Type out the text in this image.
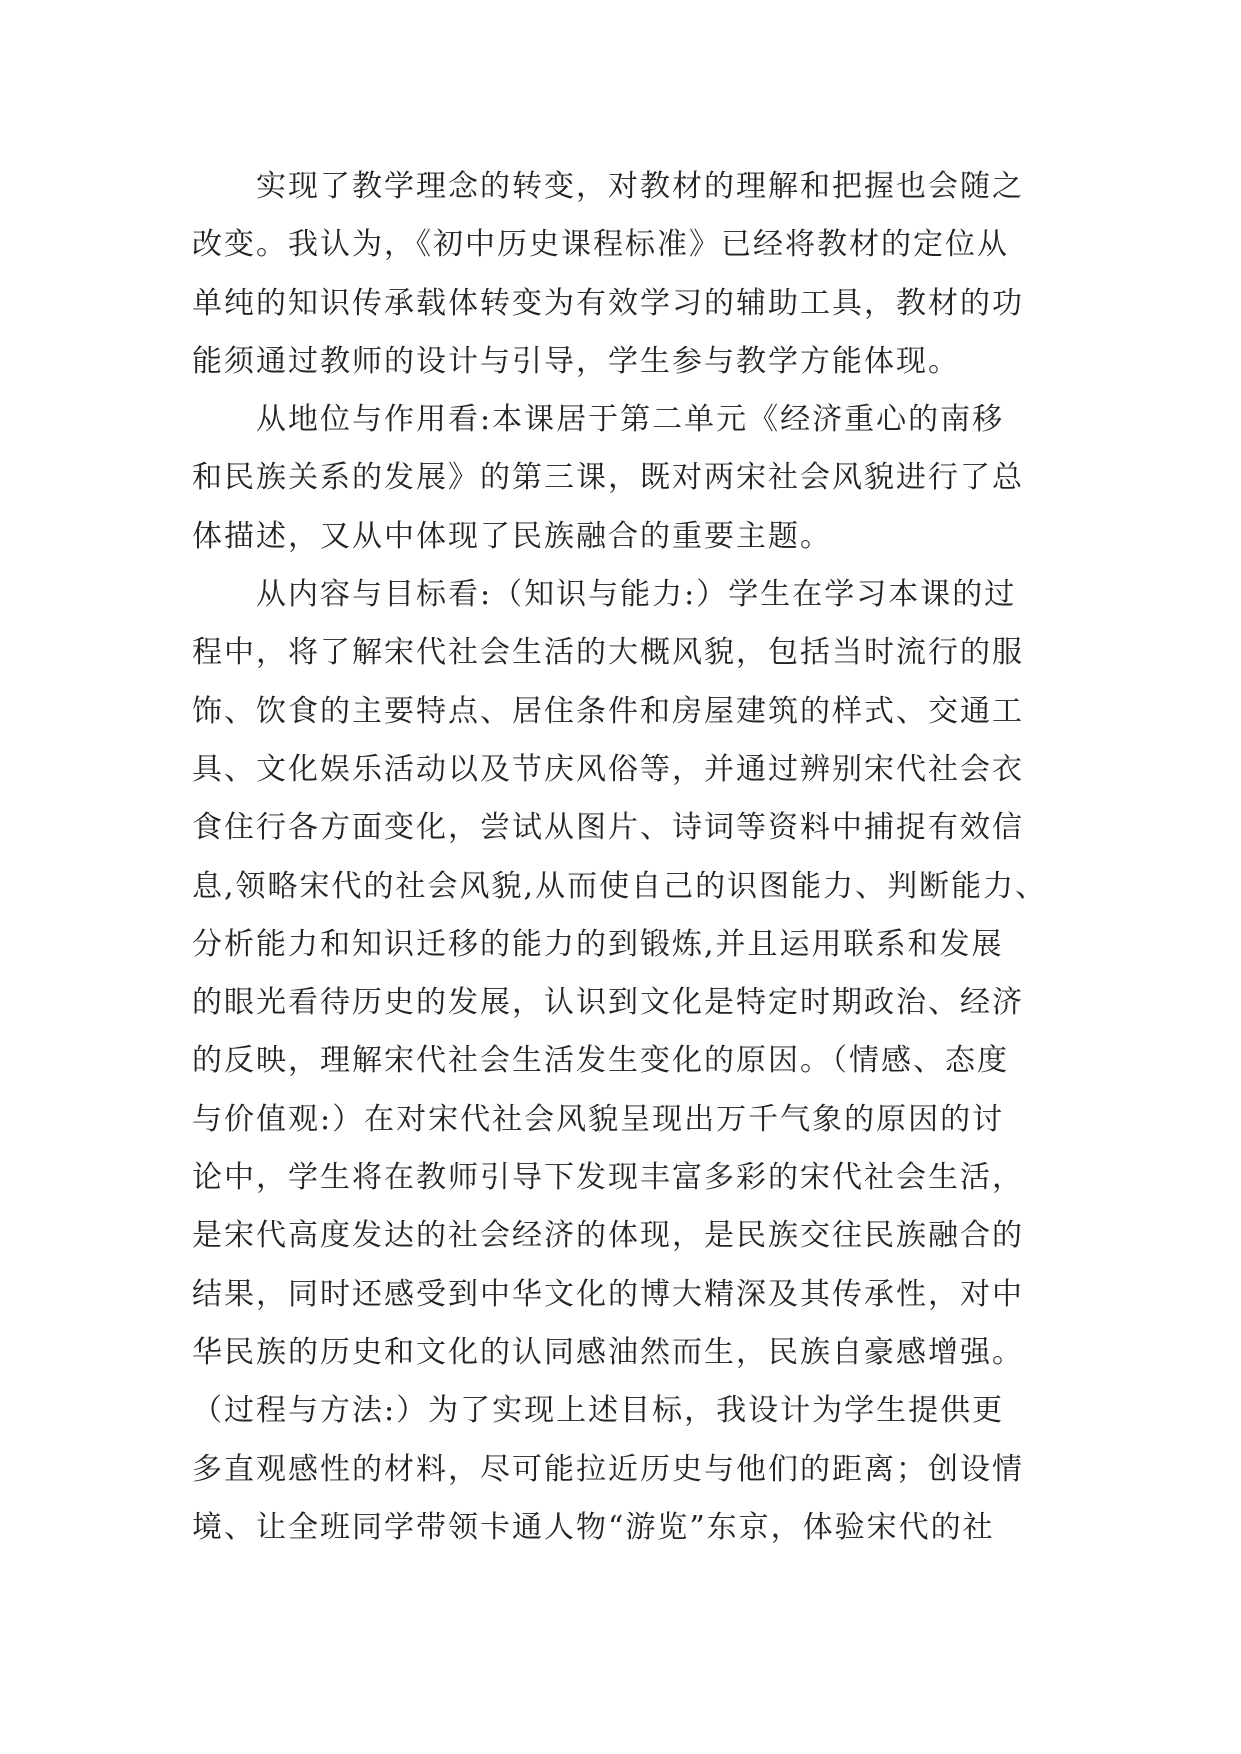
实现了教学理念的转变，对教材的理解和把握也会随之
改变。我认为，《初中历史课程标准》已经将教材的定位从
单纯的知识传承载体转变为有效学习的辅助工具，教材的功
能须通过教师的设计与引导，学生参与教学方能体现。
从地位与作用看:本课居于第二单元《经济重心的南移
和民族关系的发展》的第三课，既对两宋社会风貌进行了总
体描述，又从中体现了民族融合的重要主题。
从内容与目标看:（知识与能力:）学生在学习本课的过
程中，将了解宋代社会生活的大概风貌，包括当时流行的服
饰、饮食的主要特点、居住条件和房屋建筑的样式、交通工
具、文化娱乐活动以及节庆风俗等，并通过辨别宋代社会衣
食住行各方面变化，尝试从图片、诗词等资料中捕捉有效信
息,领略宋代的社会风貌,从而使自己的识图能力、判断能力、
分析能力和知识迁移的能力的到锻炼,并且运用联系和发展
的眼光看待历史的发展，认识到文化是特定时期政治、经济
的反映，理解宋代社会生活发生变化的原因。（情感、态度
与价值观:）在对宋代社会风貌呈现出万千气象的原因的讨
论中，学生将在教师引导下发现丰富多彩的宋代社会生活，
是宋代高度发达的社会经济的体现，是民族交往民族融合的
结果，同时还感受到中华文化的博大精深及其传承性，对中
华民族的历史和文化的认同感油然而生，民族自豪感增强。
（过程与方法:）为了实现上述目标，我设计为学生提供更
多直观感性的材料，尽可能拉近历史与他们的距离；创设情
境、让全班同学带领卡通人物“游览”东京，体验宋代的社
